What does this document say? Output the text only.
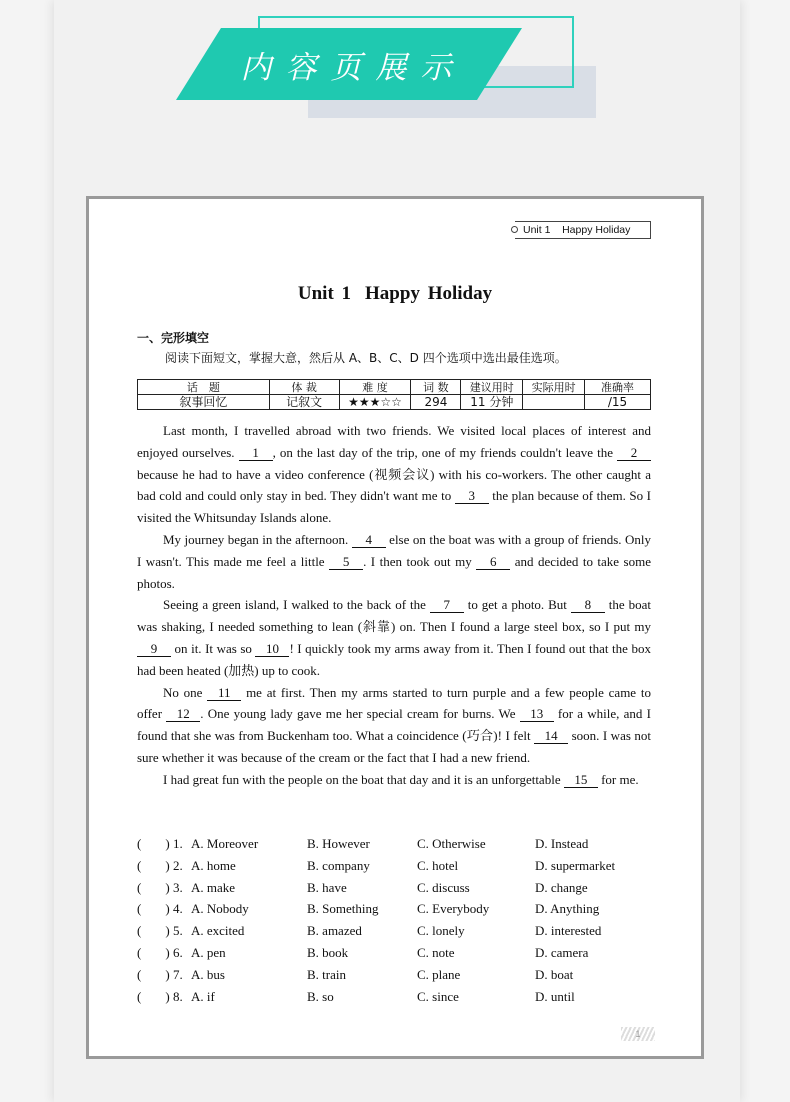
内容页展示
Unit 1    Happy Holiday
Unit 1 Happy Holiday
一、完形填空
阅读下面短文，掌握大意，然后从 A、B、C、D 四个选项中选出最佳选项。
话　题	体 裁	难 度	词 数	建议用时	实际用时	准确率
叙事回忆	记叙文	★★★☆☆	294	11 分钟		/15

Last month, I travelled abroad with two friends. We visited local places of interest and enjoyed ourselves. 1 , on the last day of the trip, one of my friends couldn't leave the 2 because he had to have a video conference (视频会议) with his co-workers. The other caught a bad cold and could only stay in bed. They didn't want me to 3 the plan because of them. So I visited the Whitsunday Islands alone.

My journey began in the afternoon. 4 else on the boat was with a group of friends. Only I wasn't. This made me feel a little 5 . I then took out my 6 and decided to take some photos.

Seeing a green island, I walked to the back of the 7 to get a photo. But 8 the boat was shaking, I needed something to lean (斜靠) on. Then I found a large steel box, so I put my 9 on it. It was so 10 ! I quickly took my arms away from it. Then I found out that the box had been heated (加热) up to cook.

No one 11 me at first. Then my arms started to turn purple and a few people came to offer 12 . One young lady gave me her special cream for burns. We 13 for a while, and I found that she was from Buckenham too. What a coincidence (巧合)! I felt 14 soon. I was not sure whether it was because of the cream or the fact that I had a new friend.

I had great fun with the people on the boat that day and it is an unforgettable 15 for me.

( ) 1. A. Moreover	B. However	C. Otherwise	D. Instead
( ) 2. A. home	B. company	C. hotel	D. supermarket
( ) 3. A. make	B. have	C. discuss	D. change
( ) 4. A. Nobody	B. Something	C. Everybody	D. Anything
( ) 5. A. excited	B. amazed	C. lonely	D. interested
( ) 6. A. pen	B. book	C. note	D. camera
( ) 7. A. bus	B. train	C. plane	D. boat
( ) 8. A. if	B. so	C. since	D. until
1
